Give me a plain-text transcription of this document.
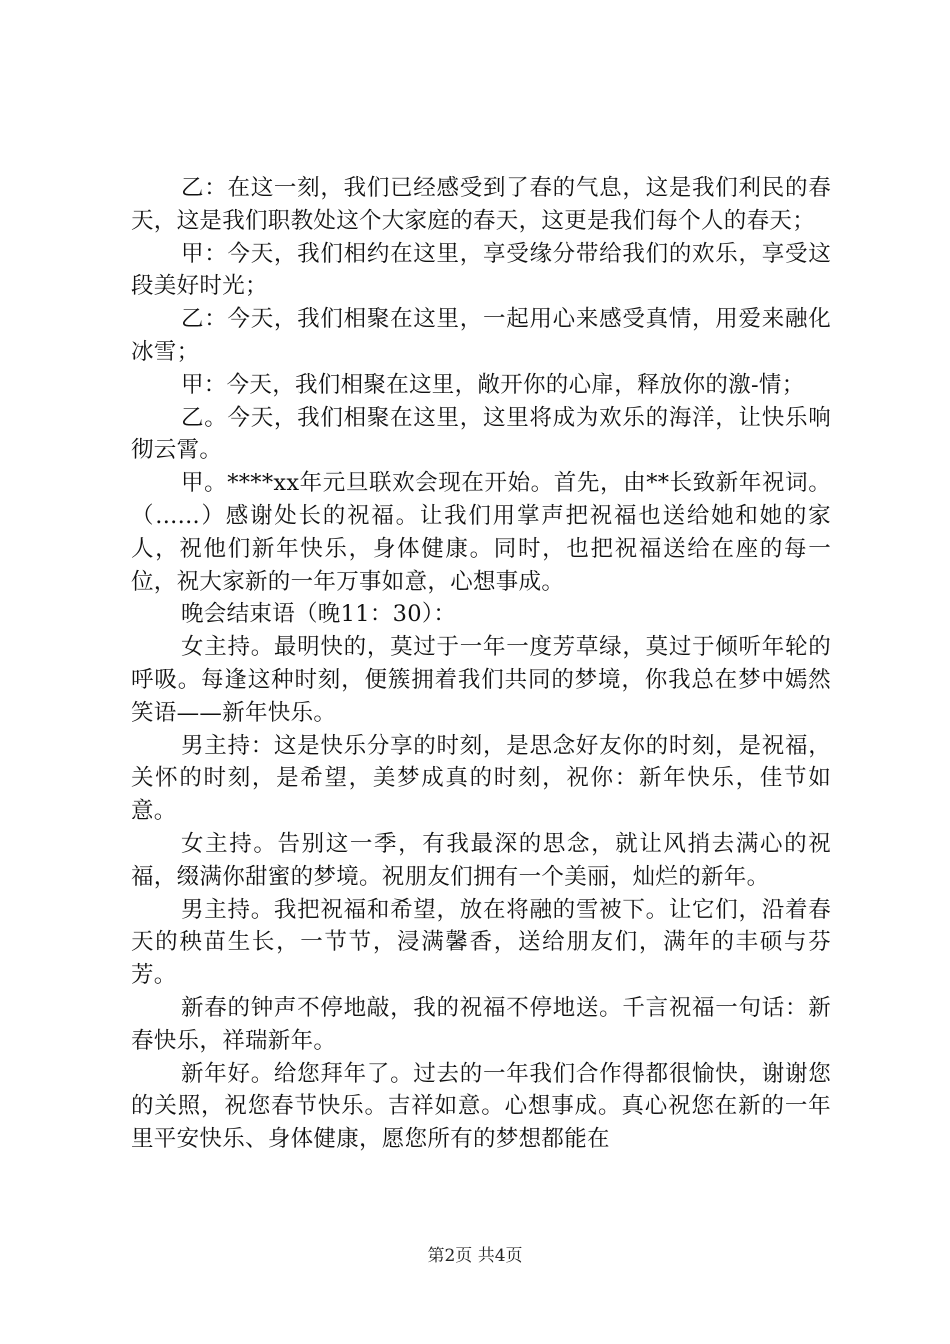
乙：在这一刻，我们已经感受到了春的气息，这是我们利民的春天，这是我们职教处这个大家庭的春天，这更是我们每个人的春天；

甲：今天，我们相约在这里，享受缘分带给我们的欢乐，享受这段美好时光；

乙：今天，我们相聚在这里，一起用心来感受真情，用爱来融化冰雪；

甲：今天，我们相聚在这里，敞开你的心扉，释放你的激-情；

乙。今天，我们相聚在这里，这里将成为欢乐的海洋，让快乐响彻云霄。

甲。****xx年元旦联欢会现在开始。首先，由**长致新年祝词。（......）感谢处长的祝福。让我们用掌声把祝福也送给她和她的家人，祝他们新年快乐，身体健康。同时，也把祝福送给在座的每一位，祝大家新的一年万事如意，心想事成。

晚会结束语（晚11：30）：

女主持。最明快的，莫过于一年一度芳草绿，莫过于倾听年轮的呼吸。每逢这种时刻，便簇拥着我们共同的梦境，你我总在梦中嫣然笑语——新年快乐。

男主持：这是快乐分享的时刻，是思念好友你的时刻，是祝福，关怀的时刻，是希望，美梦成真的时刻，祝你：新年快乐，佳节如意。

女主持。告别这一季，有我最深的思念，就让风捎去满心的祝福，缀满你甜蜜的梦境。祝朋友们拥有一个美丽，灿烂的新年。

男主持。我把祝福和希望，放在将融的雪被下。让它们，沿着春天的秧苗生长，一节节，浸满馨香，送给朋友们，满年的丰硕与芬芳。

新春的钟声不停地敲，我的祝福不停地送。千言祝福一句话：新春快乐，祥瑞新年。

新年好。给您拜年了。过去的一年我们合作得都很愉快，谢谢您的关照，祝您春节快乐。吉祥如意。心想事成。真心祝您在新的一年里平安快乐、身体健康，愿您所有的梦想都能在

第2页 共4页
